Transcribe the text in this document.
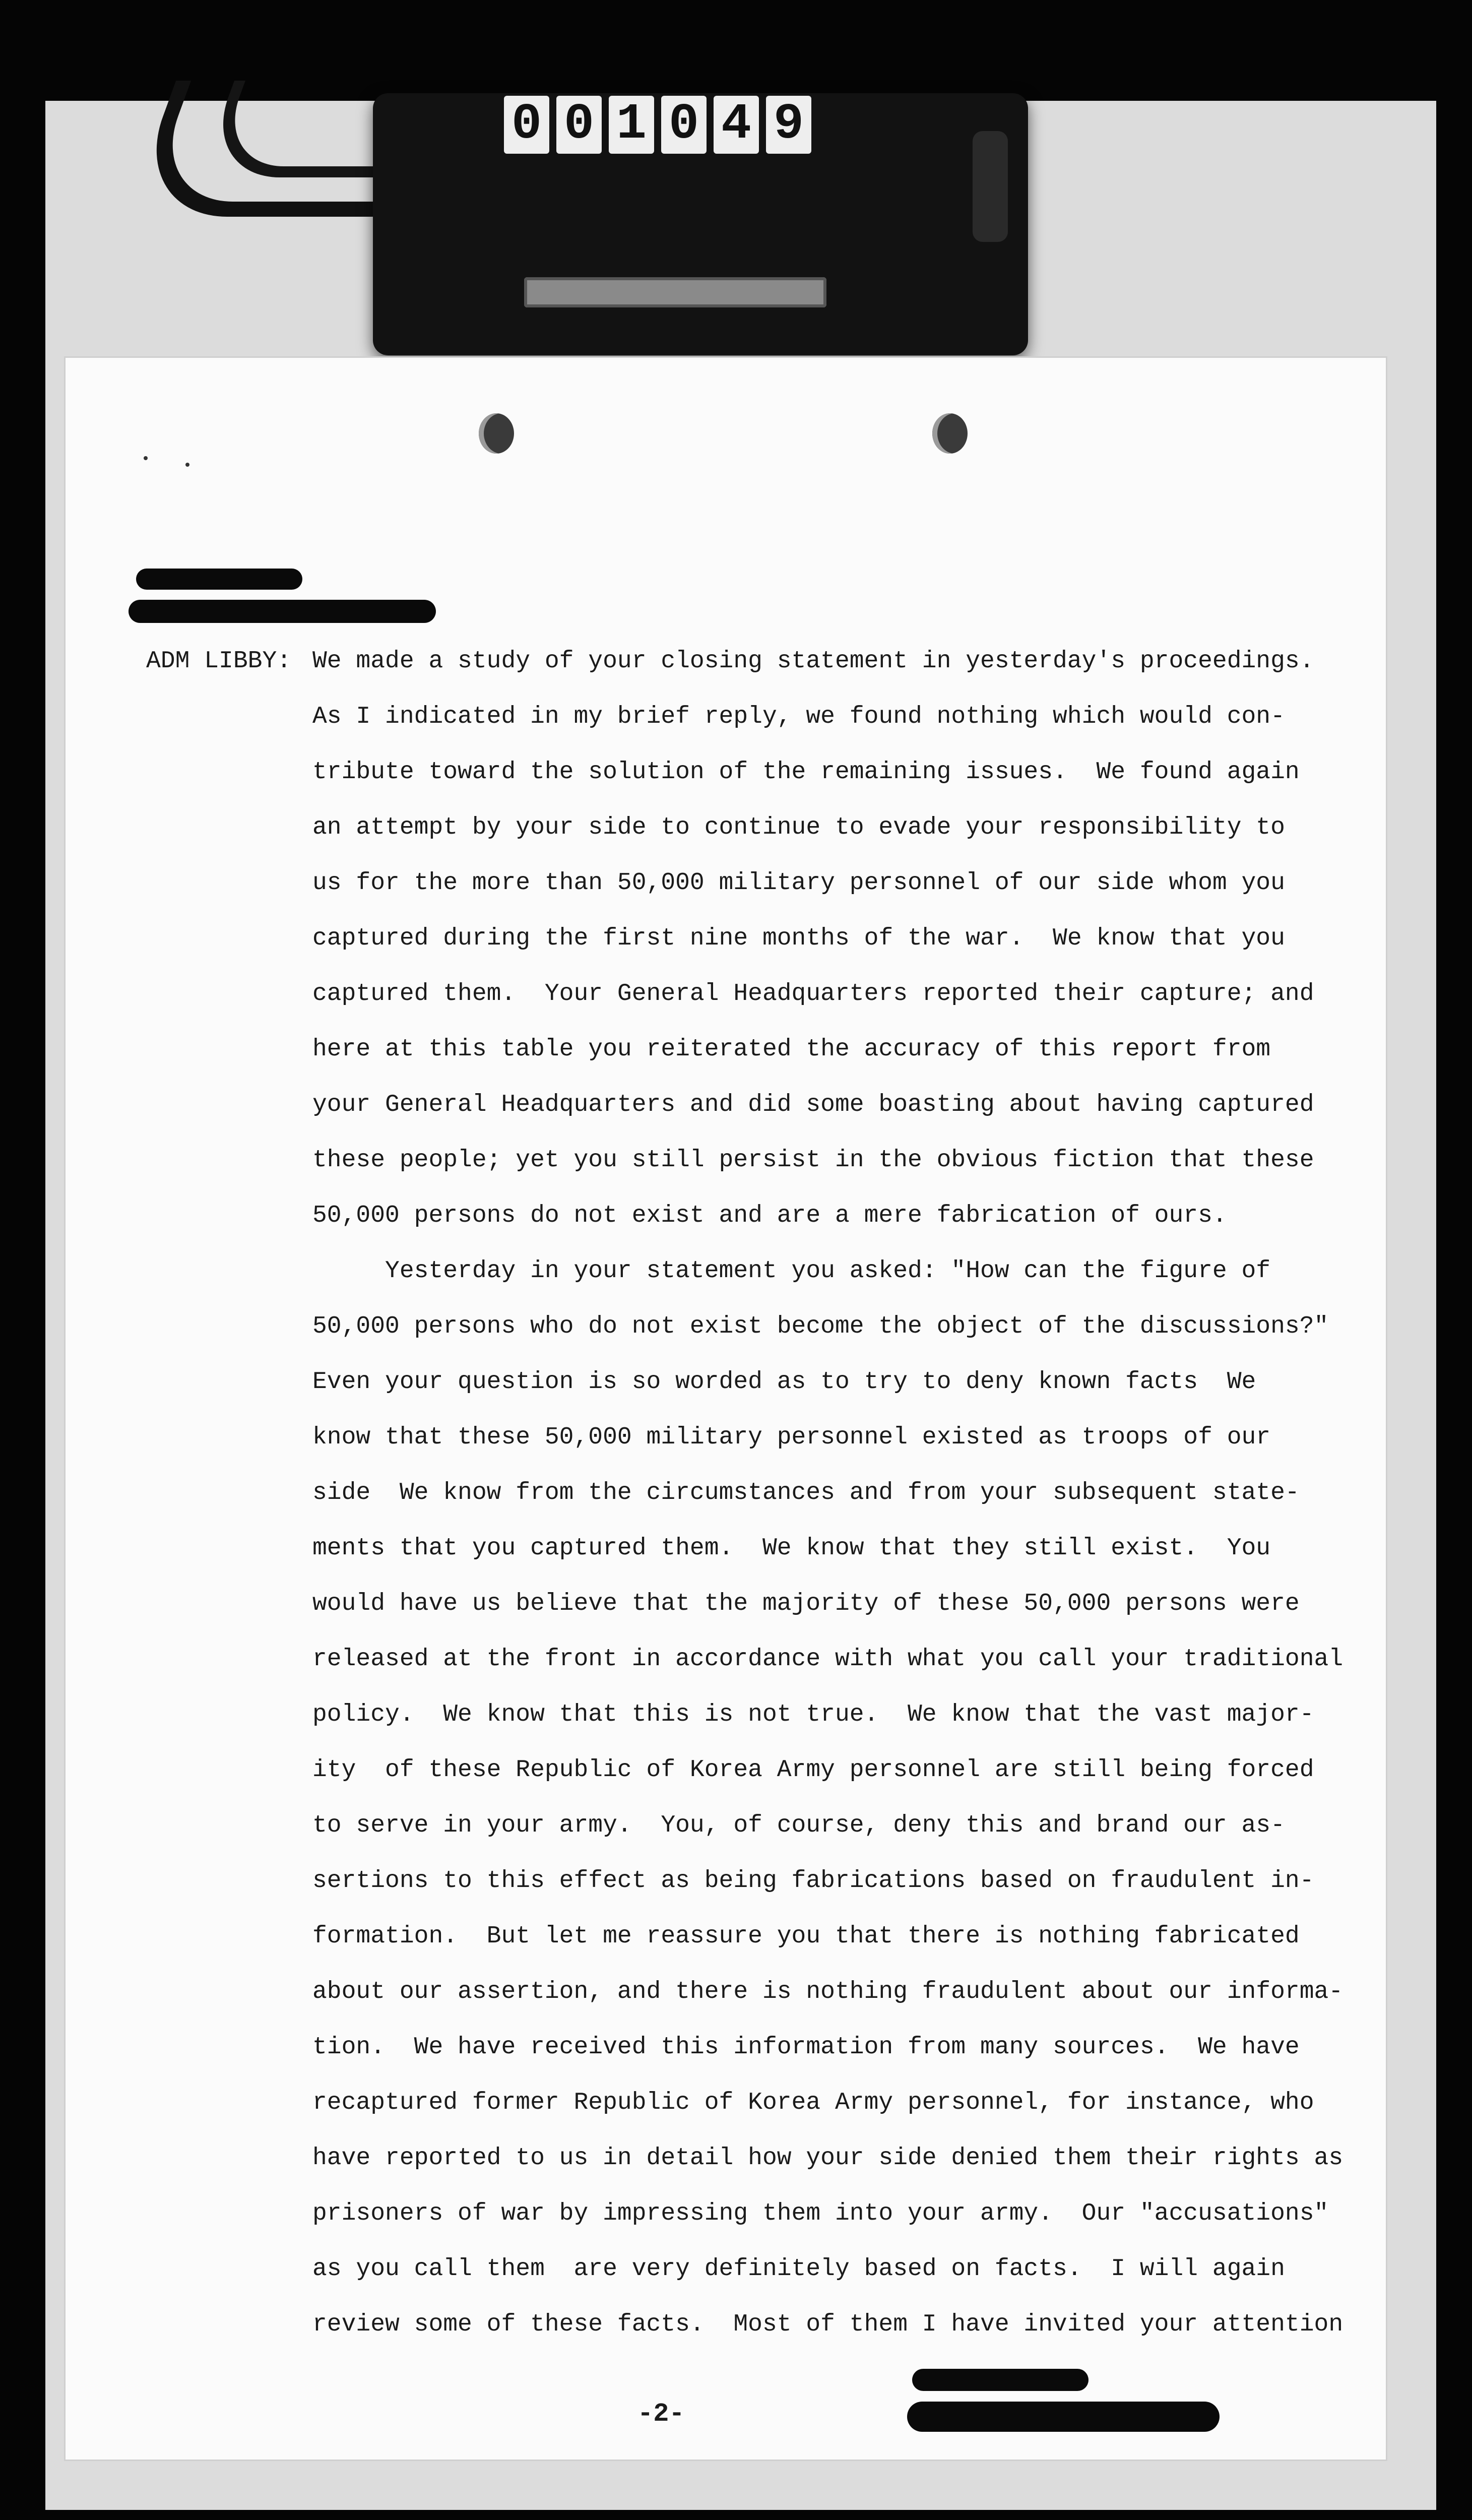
0 0 1 0 4 9
ADM LIBBY: We made a study of your closing statement in yesterday's proceedings.
As I indicated in my brief reply, we found nothing which would con-
tribute toward the solution of the remaining issues.  We found again
an attempt by your side to continue to evade your responsibility to
us for the more than 50,000 military personnel of our side whom you
captured during the first nine months of the war.  We know that you
captured them.  Your General Headquarters reported their capture; and
here at this table you reiterated the accuracy of this report from
your General Headquarters and did some boasting about having captured
these people; yet you still persist in the obvious fiction that these
50,000 persons do not exist and are a mere fabrication of ours.
Yesterday in your statement you asked: "How can the figure of
50,000 persons who do not exist become the object of the discussions?"
Even your question is so worded as to try to deny known facts  We
know that these 50,000 military personnel existed as troops of our
side  We know from the circumstances and from your subsequent state-
ments that you captured them.  We know that they still exist.  You
would have us believe that the majority of these 50,000 persons were
released at the front in accordance with what you call your traditional
policy.  We know that this is not true.  We know that the vast major-
ity  of these Republic of Korea Army personnel are still being forced
to serve in your army.  You, of course, deny this and brand our as-
sertions to this effect as being fabrications based on fraudulent in-
formation.  But let me reassure you that there is nothing fabricated
about our assertion, and there is nothing fraudulent about our informa-
tion.  We have received this information from many sources.  We have
recaptured former Republic of Korea Army personnel, for instance, who
have reported to us in detail how your side denied them their rights as
prisoners of war by impressing them into your army.  Our "accusations"
as you call them  are very definitely based on facts.  I will again
review some of these facts.  Most of them I have invited your attention
-2-
